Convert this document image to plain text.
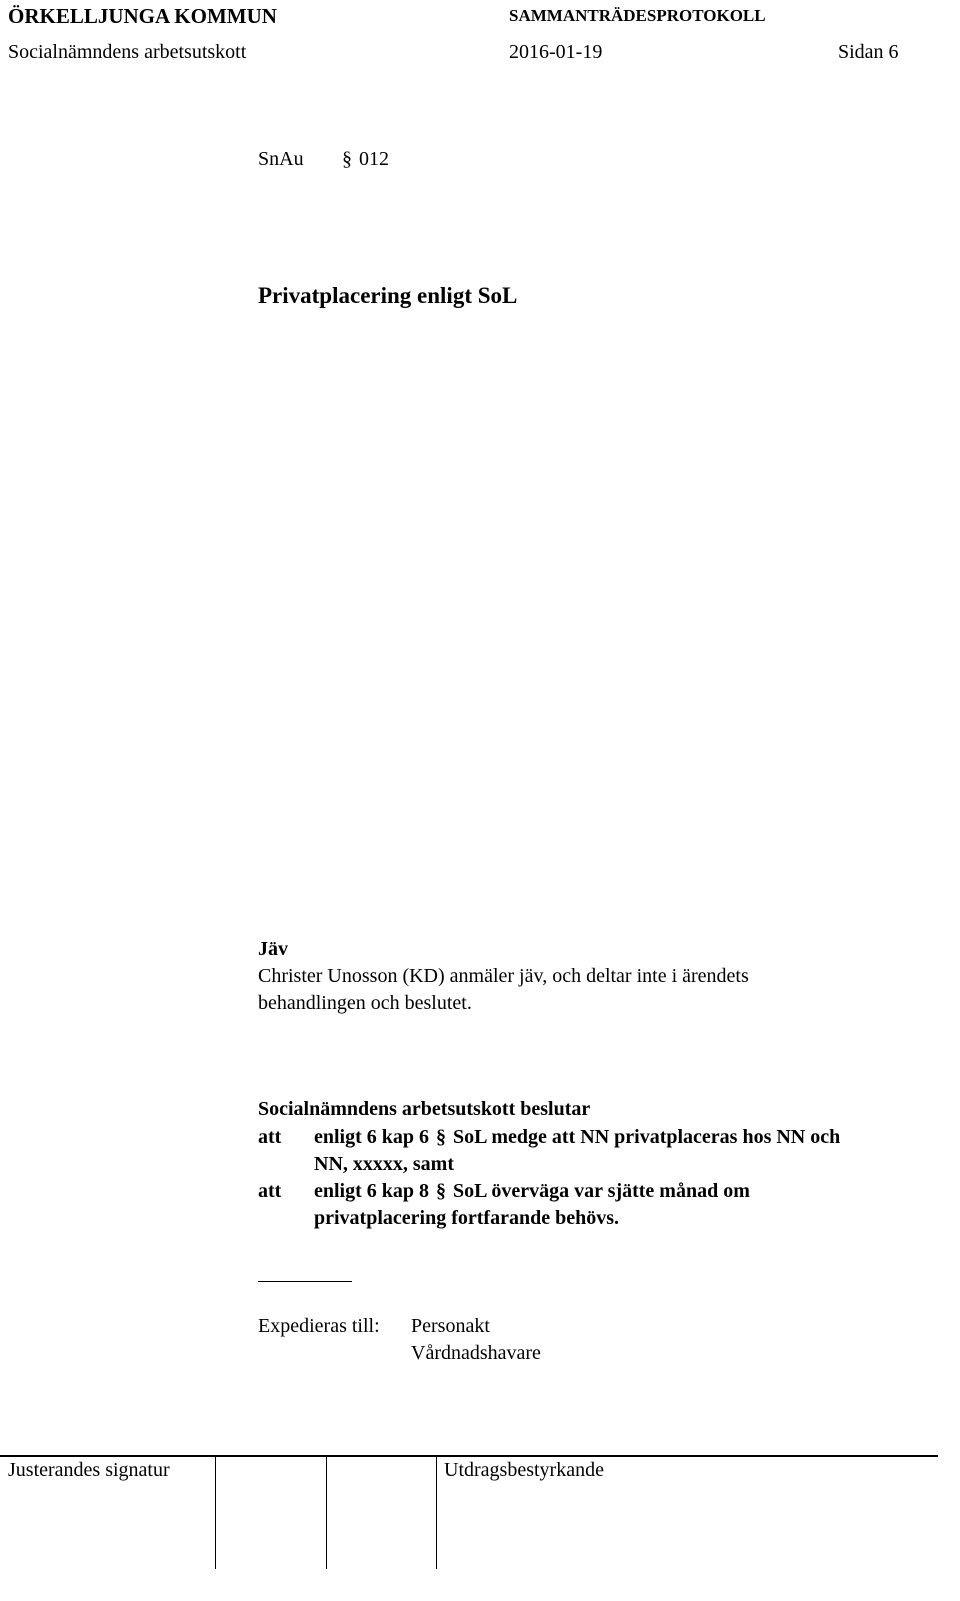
ÖRKELLJUNGA KOMMUN	SAMMANTRÄDESPROTOKOLL
Socialnämndens arbetsutskott	2016-01-19	Sidan 6
SnAu § 012
Privatplacering enligt SoL
Jäv
Christer Unosson (KD) anmäler jäv, och deltar inte i ärendets
behandlingen och beslutet.
Socialnämndens arbetsutskott beslutar
att enligt 6 kap 6 § SoL medge att NN privatplaceras hos NN och
NN, xxxxx, samt
att enligt 6 kap 8 § SoL överväga var sjätte månad om
privatplacering fortfarande behövs.
Expedieras till: Personakt
Vårdnadshavare
Justerandes signatur	Utdragsbestyrkande
